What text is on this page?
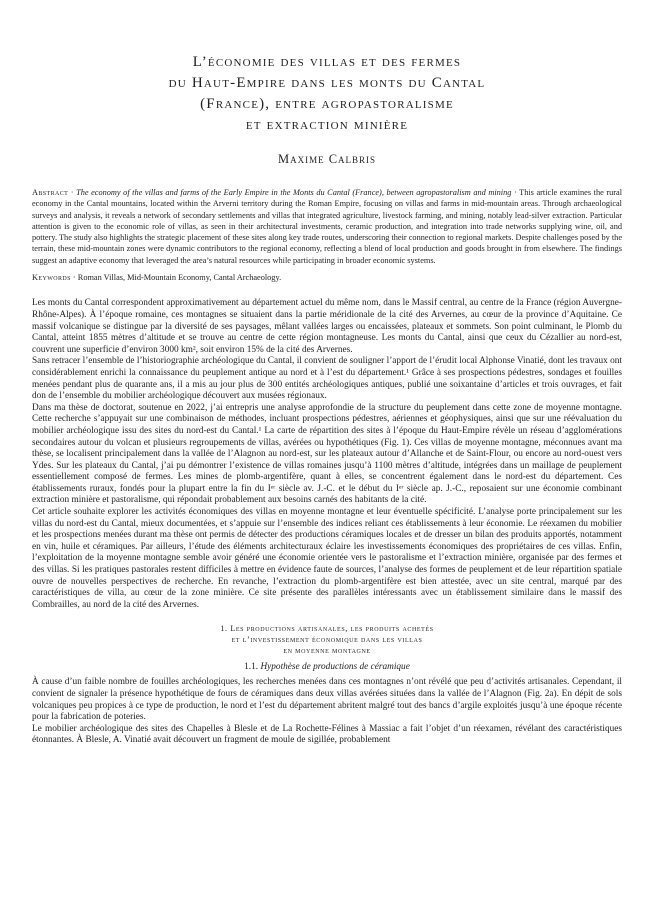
L’économie des villas et des fermes
du Haut-Empire dans les monts du Cantal
(France), entre agropastoralisme
et extraction minière
Maxime Calbris

Abstract · The economy of the villas and farms of the Early Empire in the Monts du Cantal (France), between agropastoralism and mining · This article examines the rural economy in the Cantal mountains, located within the Arverni territory during the Roman Empire, focusing on villas and farms in mid-mountain areas. Through archaeological surveys and analysis, it reveals a network of secondary settlements and villas that integrated agriculture, livestock farming, and mining, notably lead-silver extraction. Particular attention is given to the economic role of villas, as seen in their architectural investments, ceramic production, and integration into trade networks supplying wine, oil, and pottery. The study also highlights the strategic placement of these sites along key trade routes, underscoring their connection to regional markets. Despite challenges posed by the terrain, these mid-mountain zones were dynamic contributors to the regional economy, reflecting a blend of local production and goods brought in from elsewhere. The findings suggest an adaptive economy that leveraged the area’s natural resources while participating in broader economic systems.

Keywords · Roman Villas, Mid-Mountain Economy, Cantal Archaeology.

Les monts du Cantal correspondent approximativement au département actuel du même nom, dans le Massif central, au centre de la France (région Auvergne-Rhône-Alpes). À l’époque romaine, ces montagnes se situaient dans la partie méridionale de la cité des Arvernes, au cœur de la province d’Aquitaine. Ce massif volcanique se distingue par la diversité de ses paysages, mêlant vallées larges ou encaissées, plateaux et sommets. Son point culminant, le Plomb du Cantal, atteint 1855 mètres d’altitude et se trouve au centre de cette région montagneuse. Les monts du Cantal, ainsi que ceux du Cézallier au nord-est, couvrent une superficie d’environ 3000 km², soit environ 15% de la cité des Arvernes.

Sans retracer l’ensemble de l’historiographie archéologique du Cantal, il convient de souligner l’apport de l’érudit local Alphonse Vinatié, dont les travaux ont considérablement enrichi la connaissance du peuplement antique au nord et à l’est du département.¹ Grâce à ses prospections pédestres, sondages et fouilles menées pendant plus de quarante ans, il a mis au jour plus de 300 entités archéologiques antiques, publié une soixantaine d’articles et trois ouvrages, et fait don de l’ensemble du mobilier archéologique découvert aux musées régionaux.

Dans ma thèse de doctorat, soutenue en 2022, j’ai entrepris une analyse approfondie de la structure du peuplement dans cette zone de moyenne montagne. Cette recherche s’appuyait sur une combinaison de méthodes, incluant prospections pédestres, aériennes et géophysiques, ainsi que sur une réévaluation du mobilier archéologique issu des sites du nord-est du Cantal.¹ La carte de répartition des sites à l’époque du Haut-Empire révèle un réseau d’agglomérations secondaires autour du volcan et plusieurs regroupements de villas, avérées ou hypothétiques (Fig. 1). Ces villas de moyenne montagne, méconnues avant ma thèse, se localisent principalement dans la vallée de l’Alagnon au nord-est, sur les plateaux autour d’Allanche et de Saint-Flour, ou encore au nord-ouest vers Ydes. Sur les plateaux du Cantal, j’ai pu démontrer l’existence de villas romaines jusqu’à 1100 mètres d’altitude, intégrées dans un maillage de peuplement essentiellement composé de fermes. Les mines de plomb-argentifère, quant à elles, se concentrent également dans le nord-est du département. Ces établissements ruraux, fondés pour la plupart entre la fin du Iᵉʳ siècle av. J.-C. et le début du Iᵉʳ siècle ap. J.-C., reposaient sur une économie combinant extraction minière et pastoralisme, qui répondait probablement aux besoins carnés des habitants de la cité.

Cet article souhaite explorer les activités économiques des villas en moyenne montagne et leur éventuelle spécificité. L’analyse porte principalement sur les villas du nord-est du Cantal, mieux documentées, et s’appuie sur l’ensemble des indices reliant ces établissements à leur économie. Le réexamen du mobilier et les prospections menées durant ma thèse ont permis de détecter des productions céramiques locales et de dresser un bilan des produits apportés, notamment en vin, huile et céramiques. Par ailleurs, l’étude des éléments architecturaux éclaire les investissements économiques des propriétaires de ces villas. Enfin, l’exploitation de la moyenne montagne semble avoir généré une économie orientée vers le pastoralisme et l’extraction minière, organisée par des fermes et des villas. Si les pratiques pastorales restent difficiles à mettre en évidence faute de sources, l’analyse des formes de peuplement et de leur répartition spatiale ouvre de nouvelles perspectives de recherche. En revanche, l’extraction du plomb-argentifère est bien attestée, avec un site central, marqué par des caractéristiques de villa, au cœur de la zone minière. Ce site présente des parallèles intéressants avec un établissement similaire dans le massif des Combrailles, au nord de la cité des Arvernes.

1. Les productions artisanales, les produits achetés
et l’investissement économique dans les villas
en moyenne montagne
1.1. Hypothèse de productions de céramique

À cause d’un faible nombre de fouilles archéologiques, les recherches menées dans ces montagnes n’ont révélé que peu d’activités artisanales. Cependant, il convient de signaler la présence hypothétique de fours de céramiques dans deux villas avérées situées dans la vallée de l’Alagnon (Fig. 2a). En dépit de sols volcaniques peu propices à ce type de production, le nord et l’est du département abritent malgré tout des bancs d’argile exploités jusqu’à une époque récente pour la fabrication de poteries.

Le mobilier archéologique des sites des Chapelles à Blesle et de La Rochette-Félines à Massiac a fait l’objet d’un réexamen, révélant des caractéristiques étonnantes. À Blesle, A. Vinatié avait découvert un fragment de moule de sigillée, probablement
